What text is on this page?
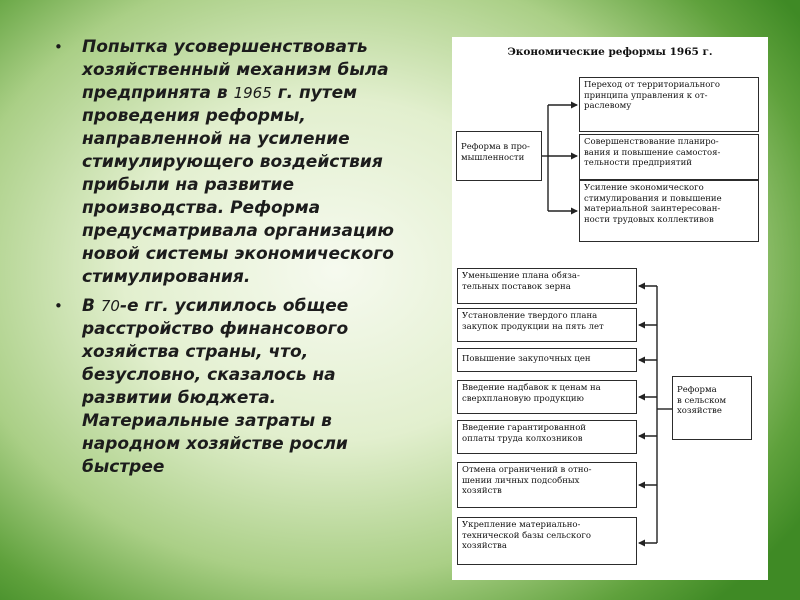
• Попытка усовершенствовать хозяйственный механизм была предпринята в 1965 г. путем проведения реформы, направленной на усиление стимулирующего воздействия прибыли на развитие производства. Реформа предусматривала организацию новой системы экономического стимулирования.

• В 70-е гг. усилилось общее расстройство финансового хозяйства страны, что, безусловно, сказалось на развитии бюджета. Материальные затраты в народном хозяйстве росли быстрее

Экономические реформы 1965 г.
Реформа в про-
мышленности
Переход от территориального
принципа управления к от-
раслевому
Совершенствование планиро-
вания и повышение самостоя-
тельности предприятий
Усиление экономического
стимулирования и повышение
материальной заинтересован-
ности трудовых коллективов
Реформа
в сельском
хозяйстве
Уменьшение плана обяза-
тельных поставок зерна
Установление твердого плана
закупок продукции на пять лет
Повышение закупочных цен
Введение надбавок к ценам на
сверхплановую продукцию
Введение гарантированной
оплаты труда колхозников
Отмена ограничений в отно-
шении личных подсобных
хозяйств
Укрепление материально-
технической базы сельского
хозяйства
